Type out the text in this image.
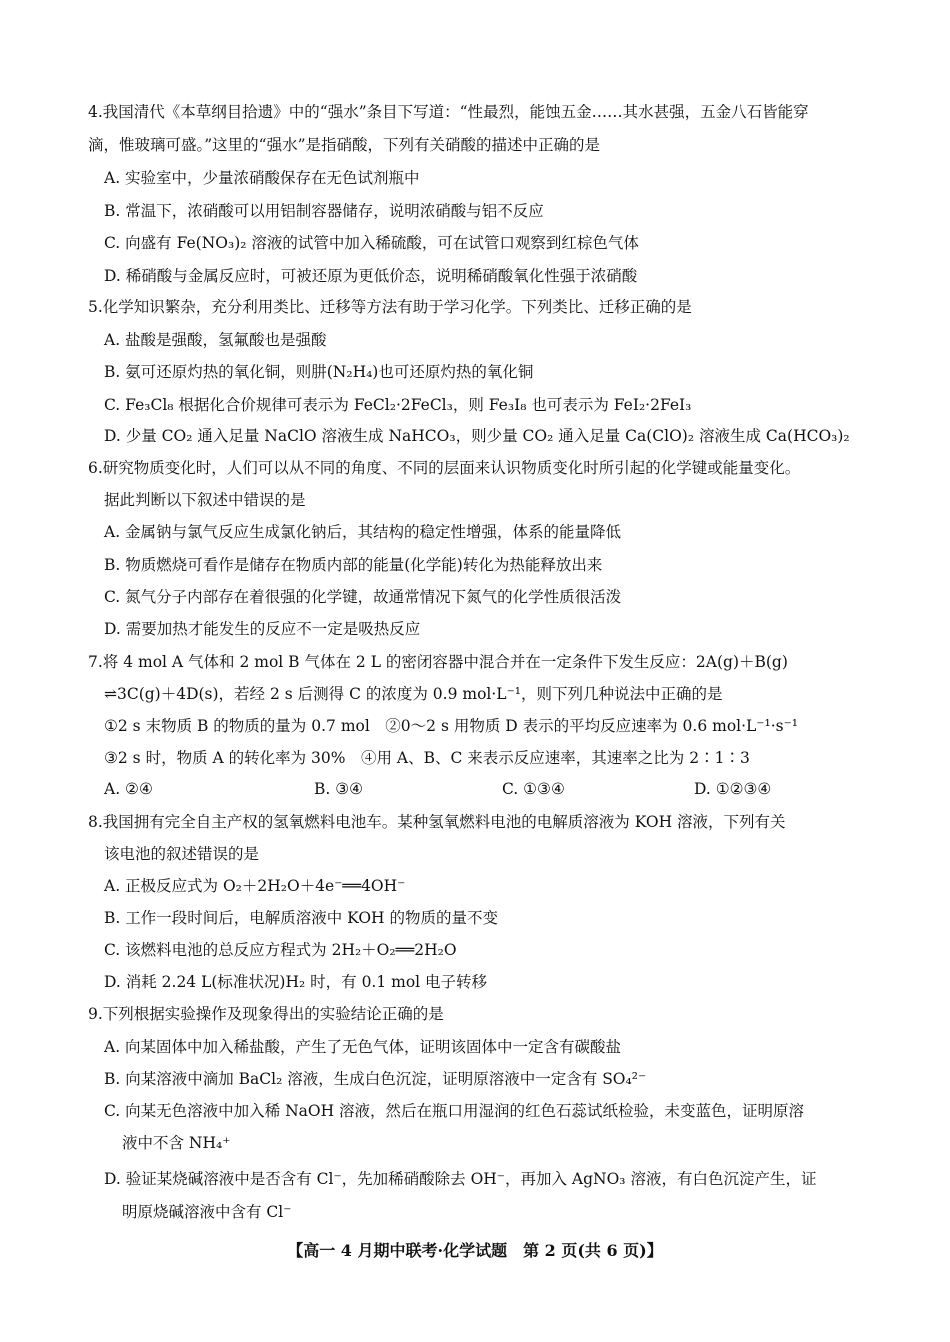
4.我国清代《本草纲目拾遗》中的“强水”条目下写道：“性最烈，能蚀五金……其水甚强，五金八石皆能穿
滴，惟玻璃可盛。”这里的“强水”是指硝酸，下列有关硝酸的描述中正确的是
A. 实验室中，少量浓硝酸保存在无色试剂瓶中
B. 常温下，浓硝酸可以用铝制容器储存，说明浓硝酸与铝不反应
C. 向盛有 Fe(NO₃)₂ 溶液的试管中加入稀硫酸，可在试管口观察到红棕色气体
D. 稀硝酸与金属反应时，可被还原为更低价态，说明稀硝酸氧化性强于浓硝酸
5.化学知识繁杂，充分利用类比、迁移等方法有助于学习化学。下列类比、迁移正确的是
A. 盐酸是强酸，氢氟酸也是强酸
B. 氨可还原灼热的氧化铜，则肼(N₂H₄)也可还原灼热的氧化铜
C. Fe₃Cl₈ 根据化合价规律可表示为 FeCl₂·2FeCl₃，则 Fe₃I₈ 也可表示为 FeI₂·2FeI₃
D. 少量 CO₂ 通入足量 NaClO 溶液生成 NaHCO₃，则少量 CO₂ 通入足量 Ca(ClO)₂ 溶液生成 Ca(HCO₃)₂
6.研究物质变化时，人们可以从不同的角度、不同的层面来认识物质变化时所引起的化学键或能量变化。
据此判断以下叙述中错误的是
A. 金属钠与氯气反应生成氯化钠后，其结构的稳定性增强，体系的能量降低
B. 物质燃烧可看作是储存在物质内部的能量(化学能)转化为热能释放出来
C. 氮气分子内部存在着很强的化学键，故通常情况下氮气的化学性质很活泼
D. 需要加热才能发生的反应不一定是吸热反应
7.将 4 mol A 气体和 2 mol B 气体在 2 L 的密闭容器中混合并在一定条件下发生反应：2A(g)＋B(g)
⇌3C(g)＋4D(s)，若经 2 s 后测得 C 的浓度为 0.9 mol·L⁻¹，则下列几种说法中正确的是
①2 s 末物质 B 的物质的量为 0.7 mol　②0～2 s 用物质 D 表示的平均反应速率为 0.6 mol·L⁻¹·s⁻¹
③2 s 时，物质 A 的转化率为 30%　④用 A、B、C 来表示反应速率，其速率之比为 2∶1∶3
A. ②④	B. ③④	C. ①③④	D. ①②③④
8.我国拥有完全自主产权的氢氧燃料电池车。某种氢氧燃料电池的电解质溶液为 KOH 溶液，下列有关
该电池的叙述错误的是
A. 正极反应式为 O₂＋2H₂O＋4e⁻══4OH⁻
B. 工作一段时间后，电解质溶液中 KOH 的物质的量不变
C. 该燃料电池的总反应方程式为 2H₂＋O₂══2H₂O
D. 消耗 2.24 L(标准状况)H₂ 时，有 0.1 mol 电子转移
9.下列根据实验操作及现象得出的实验结论正确的是
A. 向某固体中加入稀盐酸，产生了无色气体，证明该固体中一定含有碳酸盐
B. 向某溶液中滴加 BaCl₂ 溶液，生成白色沉淀，证明原溶液中一定含有 SO₄²⁻
C. 向某无色溶液中加入稀 NaOH 溶液，然后在瓶口用湿润的红色石蕊试纸检验，未变蓝色，证明原溶
液中不含 NH₄⁺
D. 验证某烧碱溶液中是否含有 Cl⁻，先加稀硝酸除去 OH⁻，再加入 AgNO₃ 溶液，有白色沉淀产生，证
明原烧碱溶液中含有 Cl⁻
【高一 4 月期中联考·化学试题　第 2 页(共 6 页)】
